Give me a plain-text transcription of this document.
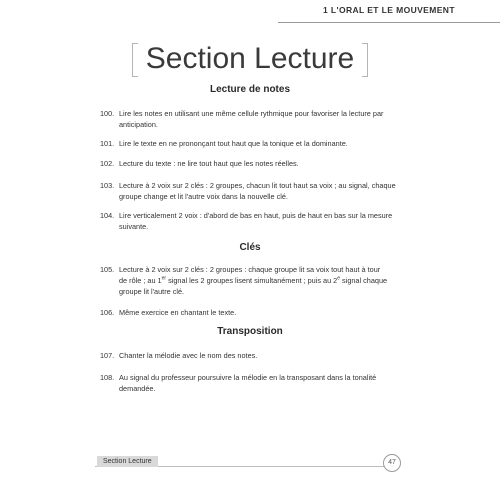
1 L'ORAL ET LE MOUVEMENT
Section Lecture
Lecture de notes
100. Lire les notes en utilisant une même cellule rythmique pour favoriser la lecture par
anticipation.
101. Lire le texte en ne prononçant tout haut que la tonique et la dominante.
102. Lecture du texte : ne lire tout haut que les notes réelles.
103. Lecture à 2 voix sur 2 clés : 2 groupes, chacun lit tout haut sa voix ; au signal, chaque
groupe change et lit l'autre voix dans la nouvelle clé.
104. Lire verticalement 2 voix : d'abord de bas en haut, puis de haut en bas sur la mesure
suivante.
Clés
105. Lecture à 2 voix sur 2 clés : 2 groupes : chaque groupe lit sa voix tout haut à tour
de rôle ; au 1er signal les 2 groupes lisent simultanément ; puis au 2e signal chaque
groupe lit l'autre clé.
106. Même exercice en chantant le texte.
Transposition
107. Chanter la mélodie avec le nom des notes.
108. Au signal du professeur poursuivre la mélodie en la transposant dans la tonalité
demandée.
Section Lecture	47
